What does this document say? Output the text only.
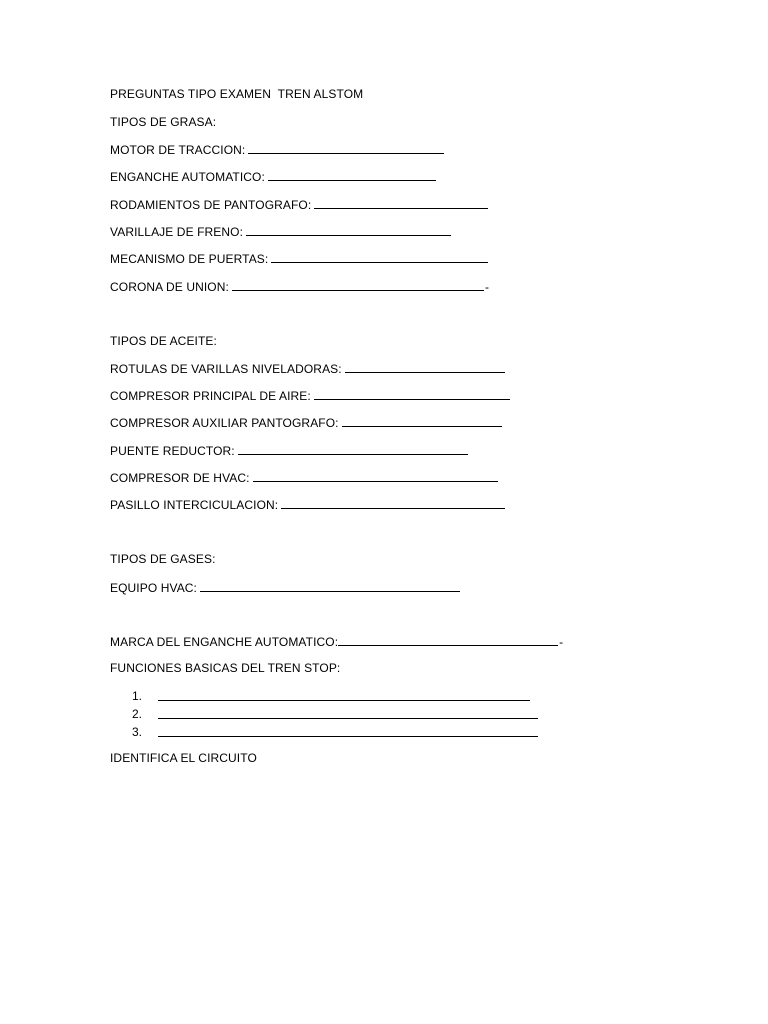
PREGUNTAS TIPO EXAMEN  TREN ALSTOM
TIPOS DE GRASA:
MOTOR DE TRACCION:
ENGANCHE AUTOMATICO:
RODAMIENTOS DE PANTOGRAFO:
VARILLAJE DE FRENO:
MECANISMO DE PUERTAS:
CORONA DE UNION:	-
TIPOS DE ACEITE:
ROTULAS DE VARILLAS NIVELADORAS:
COMPRESOR PRINCIPAL DE AIRE:
COMPRESOR AUXILIAR PANTOGRAFO:
PUENTE REDUCTOR:
COMPRESOR DE HVAC:
PASILLO INTERCICULACION:
TIPOS DE GASES:
EQUIPO HVAC:
MARCA DEL ENGANCHE AUTOMATICO:	-
FUNCIONES BASICAS DEL TREN STOP:
1.
2.
3.
IDENTIFICA EL CIRCUITO
